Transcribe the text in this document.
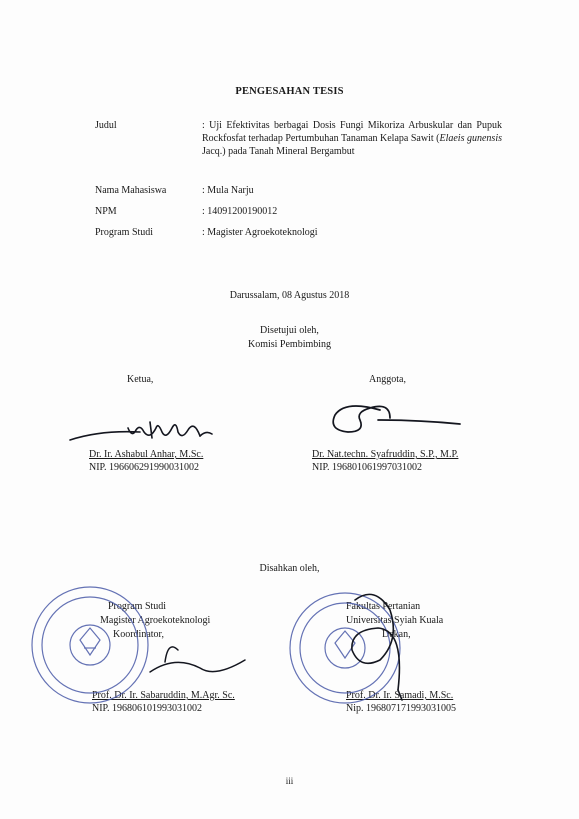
PENGESAHAN TESIS
Judul	: Uji Efektivitas berbagai Dosis Fungi Mikoriza Arbuskular dan Pupuk Rockfosfat terhadap Pertumbuhan Tanaman Kelapa Sawit (Elaeis gunensis Jacq.) pada Tanah Mineral Bergambut
Nama Mahasiswa	: Mula Narju
NPM	: 14091200190012
Program Studi	: Magister Agroekoteknologi
Darussalam, 08 Agustus 2018
Disetujui oleh,
Komisi Pembimbing
Ketua,	Anggota,
Dr. Ir. Ashabul Anhar, M.Sc.
NIP. 196606291990031002
Dr. Nat.techn. Syafruddin, S.P., M.P.
NIP. 196801061997031002
Disahkan oleh,
Program Studi
Magister Agroekoteknologi
Koordinator,
Fakultas Pertanian
Universitas Syiah Kuala
Dekan,
Prof. Dr. Ir. Sabaruddin, M.Agr. Sc.
NIP. 196806101993031002
Prof. Dr. Ir. Samadi, M.Sc.
Nip. 196807171993031005
iii
